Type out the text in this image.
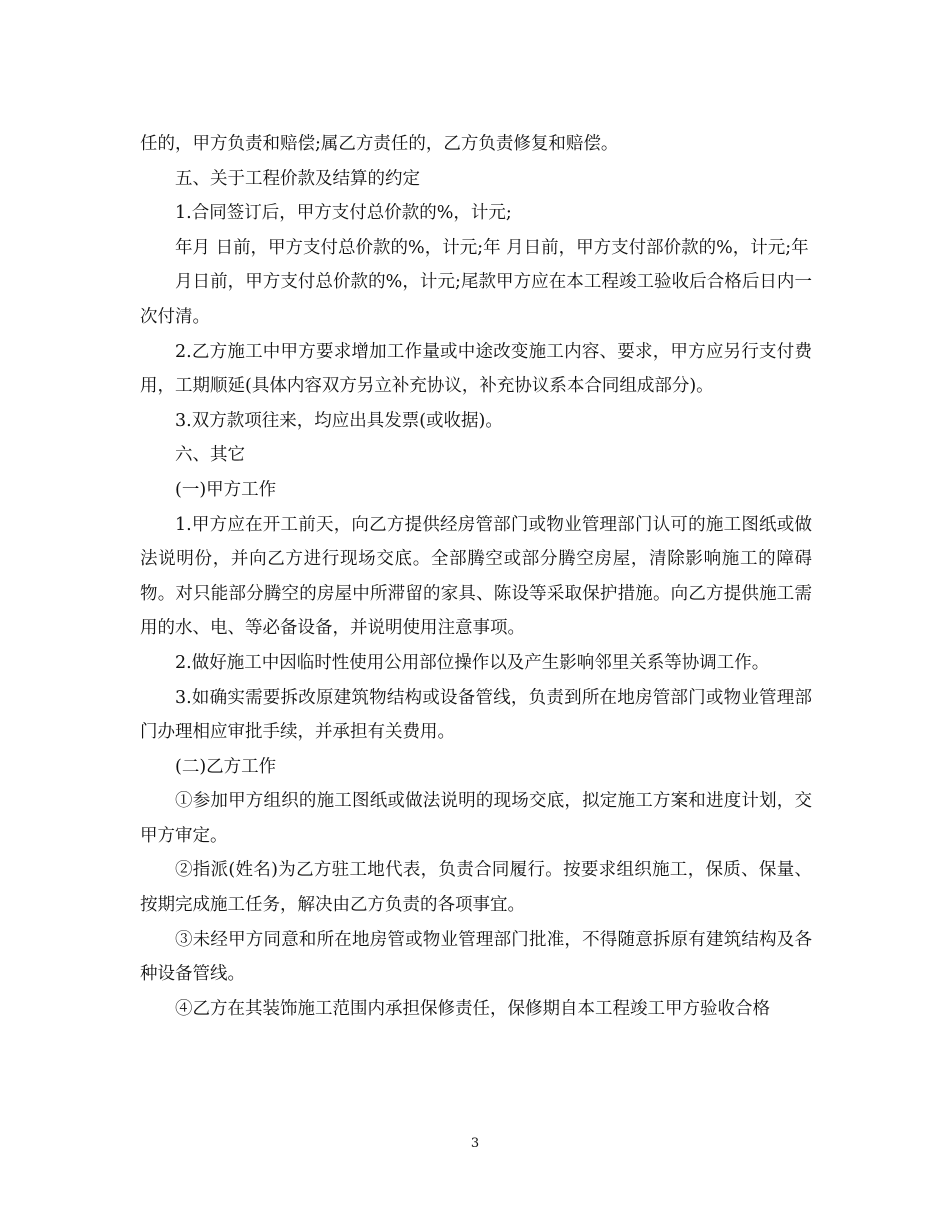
任的，甲方负责和赔偿;属乙方责任的，乙方负责修复和赔偿。

五、关于工程价款及结算的约定

1.合同签订后，甲方支付总价款的%，计元;

年月 日前，甲方支付总价款的%，计元;年 月日前，甲方支付部价款的%，计元;年

月日前，甲方支付总价款的%，计元;尾款甲方应在本工程竣工验收后合格后日内一次付清。

2.乙方施工中甲方要求增加工作量或中途改变施工内容、要求，甲方应另行支付费用，工期顺延(具体内容双方另立补充协议，补充协议系本合同组成部分)。

3.双方款项往来，均应出具发票(或收据)。

六、其它

(一)甲方工作

1.甲方应在开工前天，向乙方提供经房管部门或物业管理部门认可的施工图纸或做法说明份，并向乙方进行现场交底。全部腾空或部分腾空房屋，清除影响施工的障碍物。对只能部分腾空的房屋中所滞留的家具、陈设等采取保护措施。向乙方提供施工需用的水、电、等必备设备，并说明使用注意事项。

2.做好施工中因临时性使用公用部位操作以及产生影响邻里关系等协调工作。

3.如确实需要拆改原建筑物结构或设备管线，负责到所在地房管部门或物业管理部门办理相应审批手续，并承担有关费用。

(二)乙方工作

①参加甲方组织的施工图纸或做法说明的现场交底，拟定施工方案和进度计划，交甲方审定。

②指派(姓名)为乙方驻工地代表，负责合同履行。按要求组织施工，保质、保量、按期完成施工任务，解决由乙方负责的各项事宜。

③未经甲方同意和所在地房管或物业管理部门批准，不得随意拆原有建筑结构及各种设备管线。

④乙方在其装饰施工范围内承担保修责任，保修期自本工程竣工甲方验收合格

3
